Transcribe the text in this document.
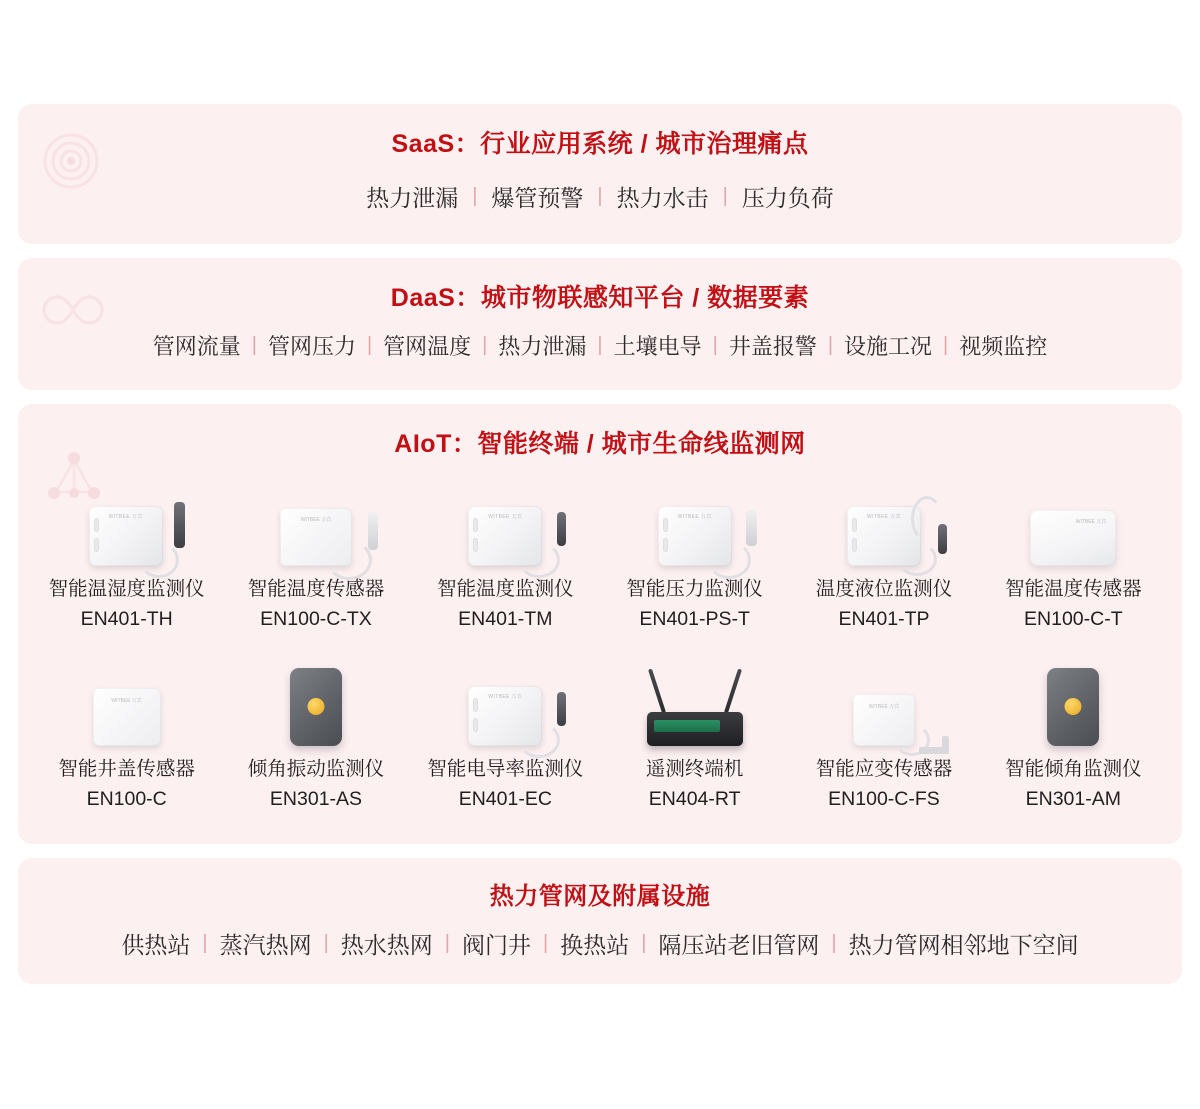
SaaS：行业应用系统 / 城市治理痛点
热力泄漏 | 爆管预警 | 热力水击 | 压力负荷
DaaS：城市物联感知平台 / 数据要素
管网流量 | 管网压力 | 管网温度 | 热力泄漏 | 土壤电导 | 井盖报警 | 设施工况 | 视频监控
AIoT：智能终端 / 城市生命线监测网
WITBEE 万宾
智能温湿度监测仪
EN401-TH
WITBEE 万宾
智能温度传感器
EN100-C-TX
WITBEE 万宾
智能温度监测仪
EN401-TM
WITBEE 万宾
智能压力监测仪
EN401-PS-T
WITBEE 万宾
温度液位监测仪
EN401-TP
WITBEE 万宾
智能温度传感器
EN100-C-T
WITBEE 万宾
智能井盖传感器
EN100-C
倾角振动监测仪
EN301-AS
WITBEE 万宾
智能电导率监测仪
EN401-EC
遥测终端机
EN404-RT
WITBEE 万宾
智能应变传感器
EN100-C-FS
智能倾角监测仪
EN301-AM
热力管网及附属设施
供热站 | 蒸汽热网 | 热水热网 | 阀门井 | 换热站 | 隔压站老旧管网 | 热力管网相邻地下空间
